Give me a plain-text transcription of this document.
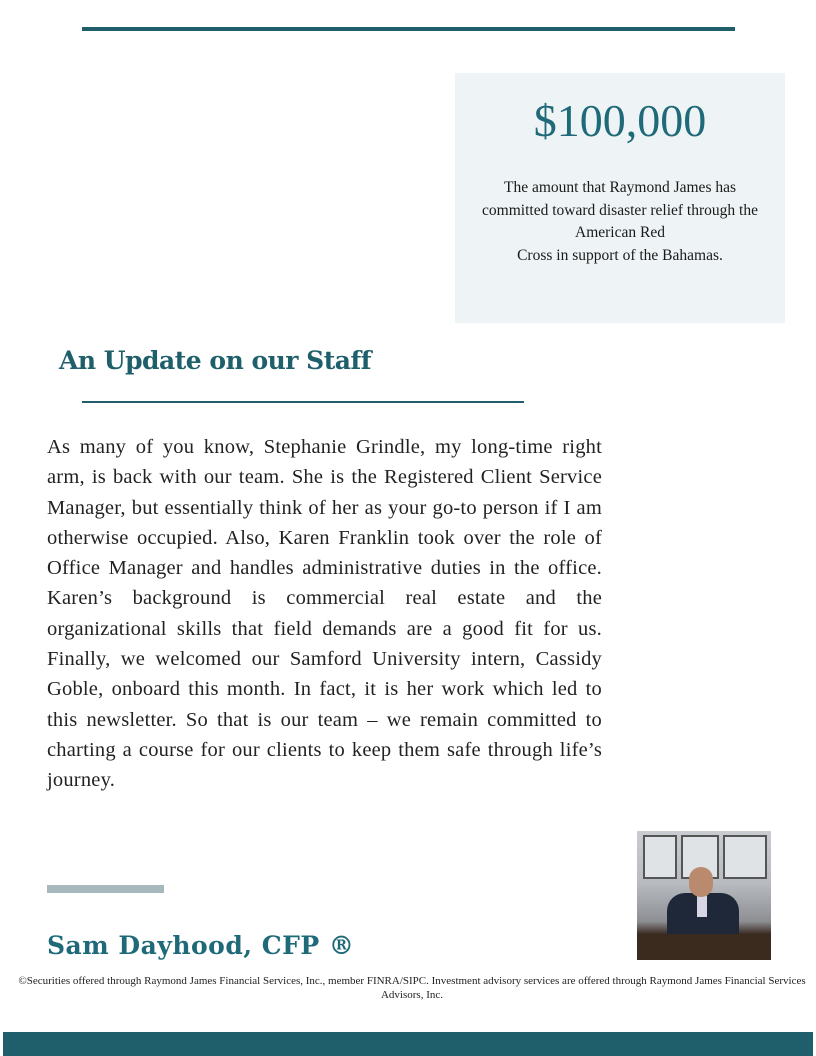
$100,000
The amount that Raymond James has
committed toward disaster relief through the
American Red
Cross in support of the Bahamas.
An Update on our Staff

As many of you know, Stephanie Grindle, my long-time right arm, is back with our team. She is the Registered Client Service Manager, but essentially think of her as your go-to person if I am otherwise occupied. Also, Karen Franklin took over the role of Office Manager and handles administrative duties in the office. Karen’s background is commercial real estate and the organizational skills that field demands are a good fit for us. Finally, we welcomed our Samford University intern, Cassidy Goble, onboard this month. In fact, it is her work which led to this newsletter. So that is our team – we remain committed to charting a course for our clients to keep them safe through life’s journey.

Sam Dayhood, CFP ®

©Securities offered through Raymond James Financial Services, Inc., member FINRA/SIPC. Investment advisory services are offered through Raymond James Financial Services Advisors, Inc.
